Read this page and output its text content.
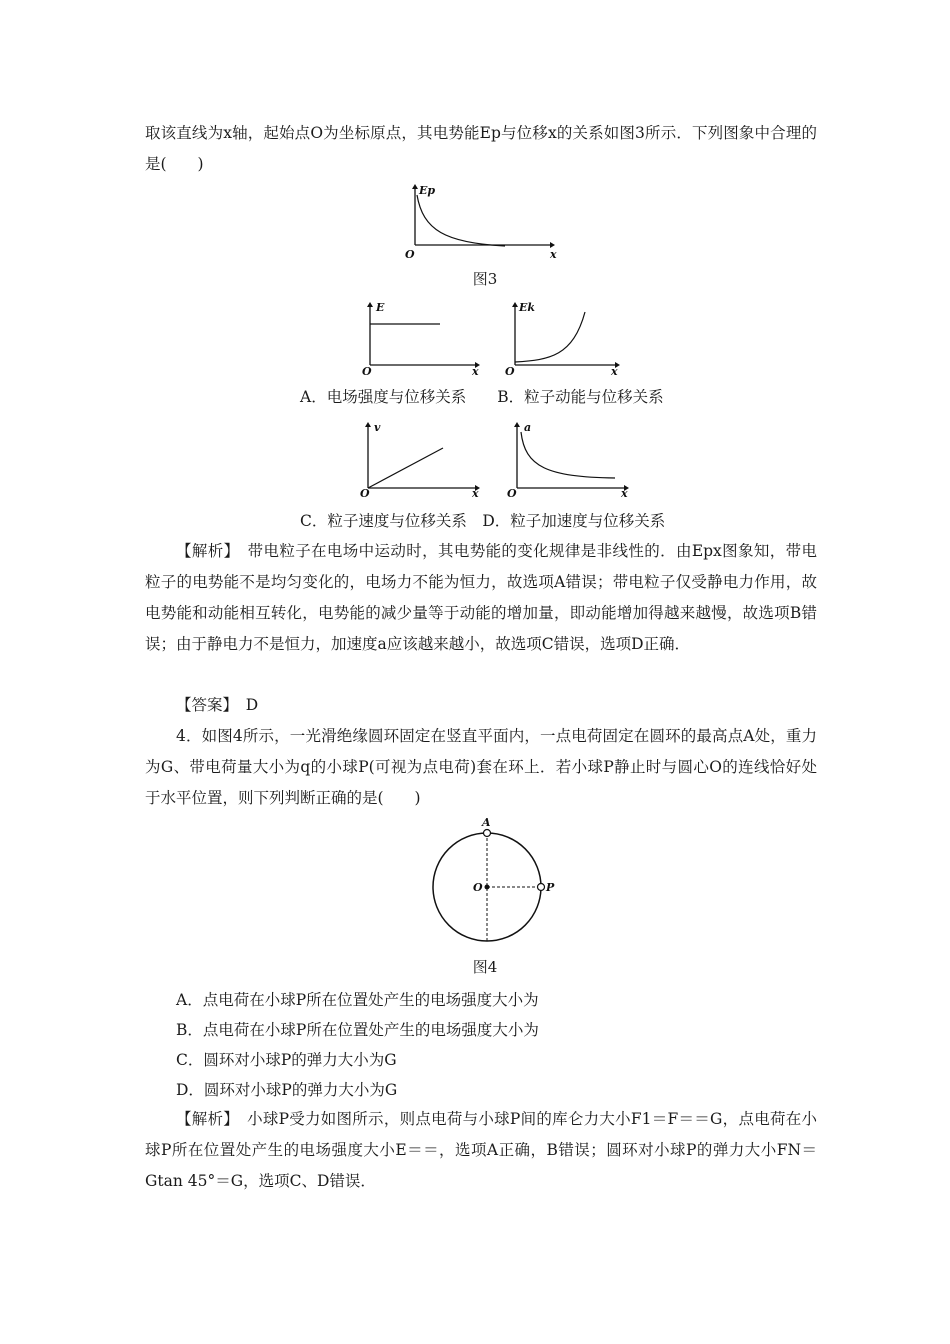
取该直线为x轴，起始点O为坐标原点，其电势能Ep与位移x的关系如图3所示．下列图象中合理的是(　　)

Ep
x
O
图3
E
x
O
Ek
x
O
A．电场强度与位移关系　　B．粒子动能与位移关系
v
x
O
a
x
O
C．粒子速度与位移关系　D．粒子加速度与位移关系

【解析】　 带电粒子在电场中运动时，其电势能的变化规律是非线性的．由Epx图象知，带电粒子的电势能不是均匀变化的，电场力不能为恒力，故选项A错误；带电粒子仅受静电力作用，故电势能和动能相互转化，电势能的减少量等于动能的增加量，即动能增加得越来越慢，故选项B错误；由于静电力不是恒力，加速度a应该越来越小，故选项C错误，选项D正确．

【答案】　 D

4．如图4所示，一光滑绝缘圆环固定在竖直平面内，一点电荷固定在圆环的最高点A处，重力为G、带电荷量大小为q的小球P(可视为点电荷)套在环上．若小球P静止时与圆心O的连线恰好处于水平位置，则下列判断正确的是(　　)

A
O	P
图4
A．点电荷在小球P所在位置处产生的电场强度大小为
B．点电荷在小球P所在位置处产生的电场强度大小为
C．圆环对小球P的弹力大小为G
D．圆环对小球P的弹力大小为G

【解析】　 小球P受力如图所示，则点电荷与小球P间的库仑力大小F1＝F＝＝G，点电荷在小球P所在位置处产生的电场强度大小E＝＝，选项A正确，B错误；圆环对小球P的弹力大小FN＝Gtan 45°＝G，选项C、D错误．
